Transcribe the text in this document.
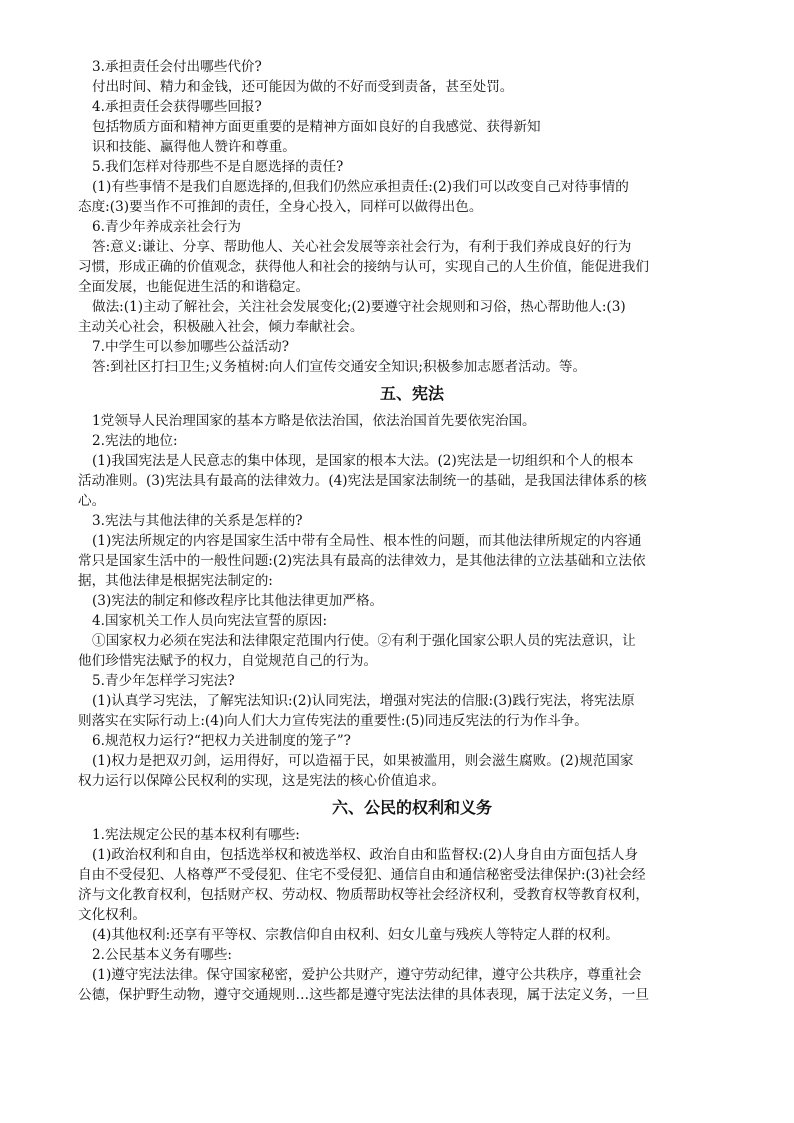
3.承担责任会付出哪些代价?

付出时间、精力和金钱，还可能因为做的不好而受到责备，甚至处罚。

4.承担责任会获得哪些回报?

包括物质方面和精神方面更重要的是精神方面如良好的自我感觉、获得新知

识和技能、赢得他人赞许和尊重。

5.我们怎样对待那些不是自愿选择的责任?

(1)有些事情不是我们自愿选择的,但我们仍然应承担责任:(2)我们可以改变自己对待事情的

态度:(3)要当作不可推卸的责任，全身心投入，同样可以做得出色。

6.青少年养成亲社会行为

答:意义:谦让、分享、帮助他人、关心社会发展等亲社会行为，有利于我们养成良好的行为

习惯，形成正确的价值观念，获得他人和社会的接纳与认可，实现自己的人生价值，能促进我们

全面发展，也能促进生活的和谐稳定。

做法:(1)主动了解社会，关注社会发展变化;(2)要遵守社会规则和习俗，热心帮助他人:(3)

主动关心社会，积极融入社会，倾力奉献社会。

7.中学生可以参加哪些公益活动?

答:到社区打扫卫生;义务植树:向人们宣传交通安全知识;积极参加志愿者活动。等。

五、宪法

1党领导人民治理国家的基本方略是依法治国，依法治国首先要依宪治国。

2.宪法的地位:

(1)我国宪法是人民意志的集中体现，是国家的根本大法。(2)宪法是一切组织和个人的根本

活动准则。(3)宪法具有最高的法律效力。(4)宪法是国家法制统一的基础，是我国法律体系的核

心。

3.宪法与其他法律的关系是怎样的?

(1)宪法所规定的内容是国家生活中带有全局性、根本性的问题，而其他法律所规定的内容通

常只是国家生活中的一般性问题:(2)宪法具有最高的法律效力，是其他法律的立法基础和立法依

据，其他法律是根据宪法制定的:

(3)宪法的制定和修改程序比其他法律更加严格。

4.国家机关工作人员向宪法宣誓的原因:

①国家权力必须在宪法和法律限定范围内行使。②有利于强化国家公职人员的宪法意识，让

他们珍惜宪法赋予的权力，自觉规范自己的行为。

5.青少年怎样学习宪法?

(1)认真学习宪法，了解宪法知识:(2)认同宪法，增强对宪法的信服:(3)践行宪法，将宪法原

则落实在实际行动上:(4)向人们大力宣传宪法的重要性:(5)同违反宪法的行为作斗争。

6.规范权力运行?“把权力关进制度的笼子”?

(1)权力是把双刃剑，运用得好，可以造福于民，如果被滥用，则会滋生腐败。(2)规范国家

权力运行以保障公民权利的实现，这是宪法的核心价值追求。

六、公民的权利和义务

1.宪法规定公民的基本权利有哪些:

(1)政治权利和自由，包括选举权和被选举权、政治自由和监督权:(2)人身自由方面包括人身

自由不受侵犯、人格尊严不受侵犯、住宅不受侵犯、通信自由和通信秘密受法律保护:(3)社会经

济与文化教育权利，包括财产权、劳动权、物质帮助权等社会经济权利，受教育权等教育权利，

文化权利。

(4)其他权利:还享有平等权、宗教信仰自由权利、妇女儿童与残疾人等特定人群的权利。

2.公民基本义务有哪些:

(1)遵守宪法法律。保守国家秘密，爱护公共财产，遵守劳动纪律，遵守公共秩序，尊重社会

公德，保护野生动物，遵守交通规则…这些都是遵守宪法法律的具体表现，属于法定义务，一旦
